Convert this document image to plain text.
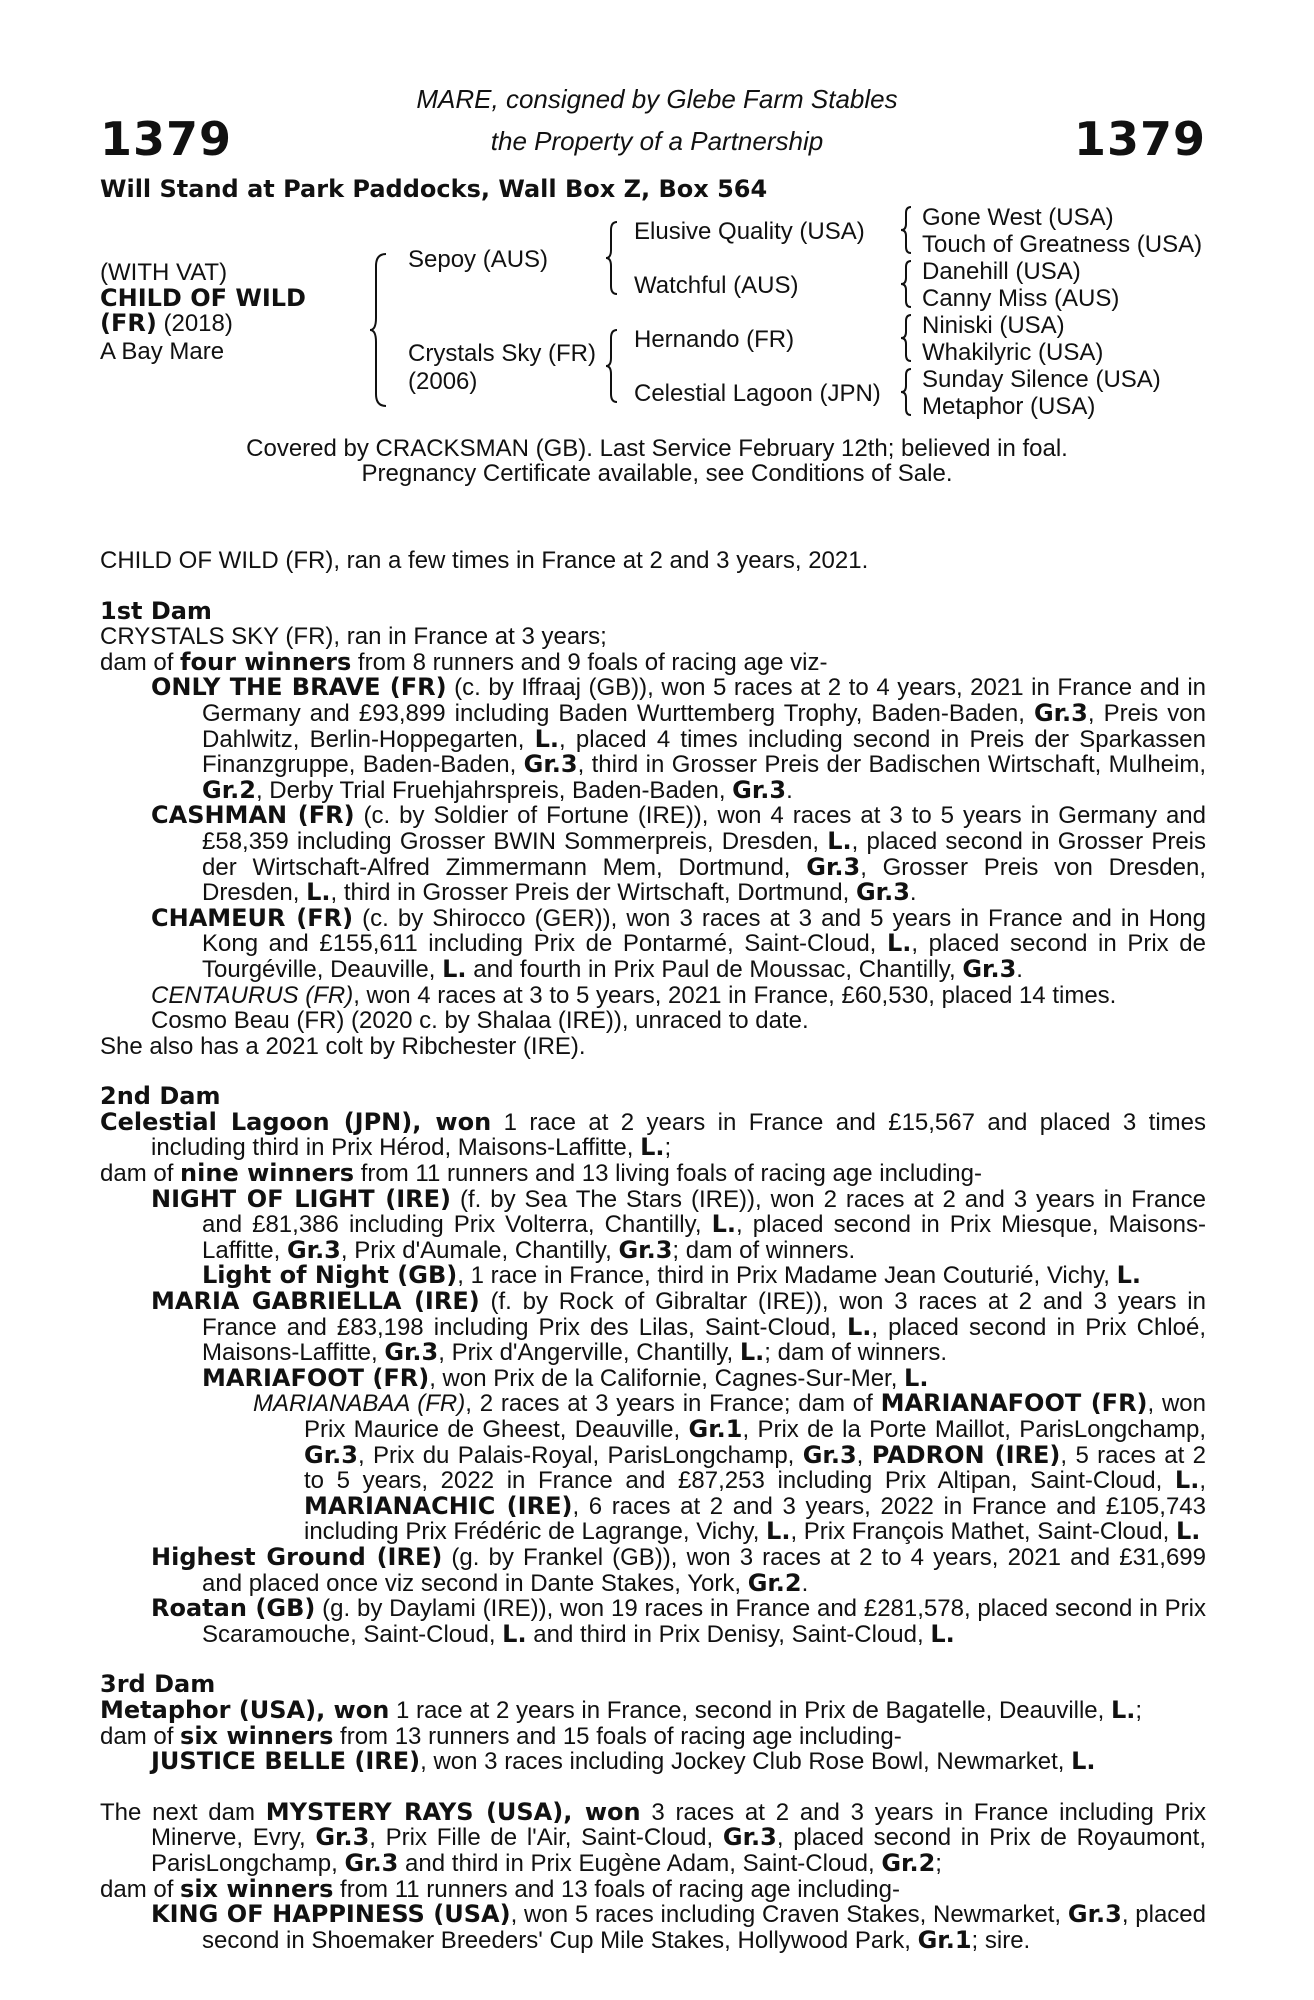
1379	1379
MARE, consigned by Glebe Farm Stables
the Property of a Partnership
Will Stand at Park Paddocks, Wall Box Z, Box 564
(WITH VAT)
CHILD OF WILD
(FR) (2018)
A Bay Mare
Sepoy (AUS)
Crystals Sky (FR)
(2006)
Elusive Quality (USA)
Watchful (AUS)
Hernando (FR)
Celestial Lagoon (JPN)
Gone West (USA)
Touch of Greatness (USA)
Danehill (USA)
Canny Miss (AUS)
Niniski (USA)
Whakilyric (USA)
Sunday Silence (USA)
Metaphor (USA)
Covered by CRACKSMAN (GB). Last Service February 12th; believed in foal.
Pregnancy Certificate available, see Conditions of Sale.

CHILD OF WILD (FR), ran a few times in France at 2 and 3 years, 2021.

1st Dam

CRYSTALS SKY (FR), ran in France at 3 years;

dam of four winners from 8 runners and 9 foals of racing age viz-

ONLY THE BRAVE (FR) (c. by Iffraaj (GB)), won 5 races at 2 to 4 years, 2021 in France and in Germany and £93,899 including Baden Wurttemberg Trophy, Baden-Baden, Gr.3, Preis von Dahlwitz, Berlin-Hoppegarten, L., placed 4 times including second in Preis der Sparkassen Finanzgruppe, Baden-Baden, Gr.3, third in Grosser Preis der Badischen Wirtschaft, Mulheim, Gr.2, Derby Trial Fruehjahrspreis, Baden-Baden, Gr.3.

CASHMAN (FR) (c. by Soldier of Fortune (IRE)), won 4 races at 3 to 5 years in Germany and £58,359 including Grosser BWIN Sommerpreis, Dresden, L., placed second in Grosser Preis der Wirtschaft-Alfred Zimmermann Mem, Dortmund, Gr.3, Grosser Preis von Dresden, Dresden, L., third in Grosser Preis der Wirtschaft, Dortmund, Gr.3.

CHAMEUR (FR) (c. by Shirocco (GER)), won 3 races at 3 and 5 years in France and in Hong Kong and £155,611 including Prix de Pontarmé, Saint-Cloud, L., placed second in Prix de Tourgéville, Deauville, L. and fourth in Prix Paul de Moussac, Chantilly, Gr.3.

CENTAURUS (FR), won 4 races at 3 to 5 years, 2021 in France, £60,530, placed 14 times.

Cosmo Beau (FR) (2020 c. by Shalaa (IRE)), unraced to date.

She also has a 2021 colt by Ribchester (IRE).

2nd Dam

Celestial Lagoon (JPN), won 1 race at 2 years in France and £15,567 and placed 3 times including third in Prix Hérod, Maisons-Laffitte, L.;

dam of nine winners from 11 runners and 13 living foals of racing age including-

NIGHT OF LIGHT (IRE) (f. by Sea The Stars (IRE)), won 2 races at 2 and 3 years in France and £81,386 including Prix Volterra, Chantilly, L., placed second in Prix Miesque, Maisons-Laffitte, Gr.3, Prix d'Aumale, Chantilly, Gr.3; dam of winners.

Light of Night (GB), 1 race in France, third in Prix Madame Jean Couturié, Vichy, L.

MARIA GABRIELLA (IRE) (f. by Rock of Gibraltar (IRE)), won 3 races at 2 and 3 years in France and £83,198 including Prix des Lilas, Saint-Cloud, L., placed second in Prix Chloé, Maisons-Laffitte, Gr.3, Prix d'Angerville, Chantilly, L.; dam of winners.

MARIAFOOT (FR), won Prix de la Californie, Cagnes-Sur-Mer, L.

MARIANABAA (FR), 2 races at 3 years in France; dam of MARIANAFOOT (FR), won Prix Maurice de Gheest, Deauville, Gr.1, Prix de la Porte Maillot, ParisLongchamp, Gr.3, Prix du Palais-Royal, ParisLongchamp, Gr.3, PADRON (IRE), 5 races at 2 to 5 years, 2022 in France and £87,253 including Prix Altipan, Saint-Cloud, L., MARIANACHIC (IRE), 6 races at 2 and 3 years, 2022 in France and £105,743 including Prix Frédéric de Lagrange, Vichy, L., Prix François Mathet, Saint-Cloud, L.

Highest Ground (IRE) (g. by Frankel (GB)), won 3 races at 2 to 4 years, 2021 and £31,699 and placed once viz second in Dante Stakes, York, Gr.2.

Roatan (GB) (g. by Daylami (IRE)), won 19 races in France and £281,578, placed second in Prix Scaramouche, Saint-Cloud, L. and third in Prix Denisy, Saint-Cloud, L.

3rd Dam

Metaphor (USA), won 1 race at 2 years in France, second in Prix de Bagatelle, Deauville, L.;

dam of six winners from 13 runners and 15 foals of racing age including-

JUSTICE BELLE (IRE), won 3 races including Jockey Club Rose Bowl, Newmarket, L.

The next dam MYSTERY RAYS (USA), won 3 races at 2 and 3 years in France including Prix Minerve, Evry, Gr.3, Prix Fille de l'Air, Saint-Cloud, Gr.3, placed second in Prix de Royaumont, ParisLongchamp, Gr.3 and third in Prix Eugène Adam, Saint-Cloud, Gr.2;

dam of six winners from 11 runners and 13 foals of racing age including-

KING OF HAPPINESS (USA), won 5 races including Craven Stakes, Newmarket, Gr.3, placed second in Shoemaker Breeders' Cup Mile Stakes, Hollywood Park, Gr.1; sire.
